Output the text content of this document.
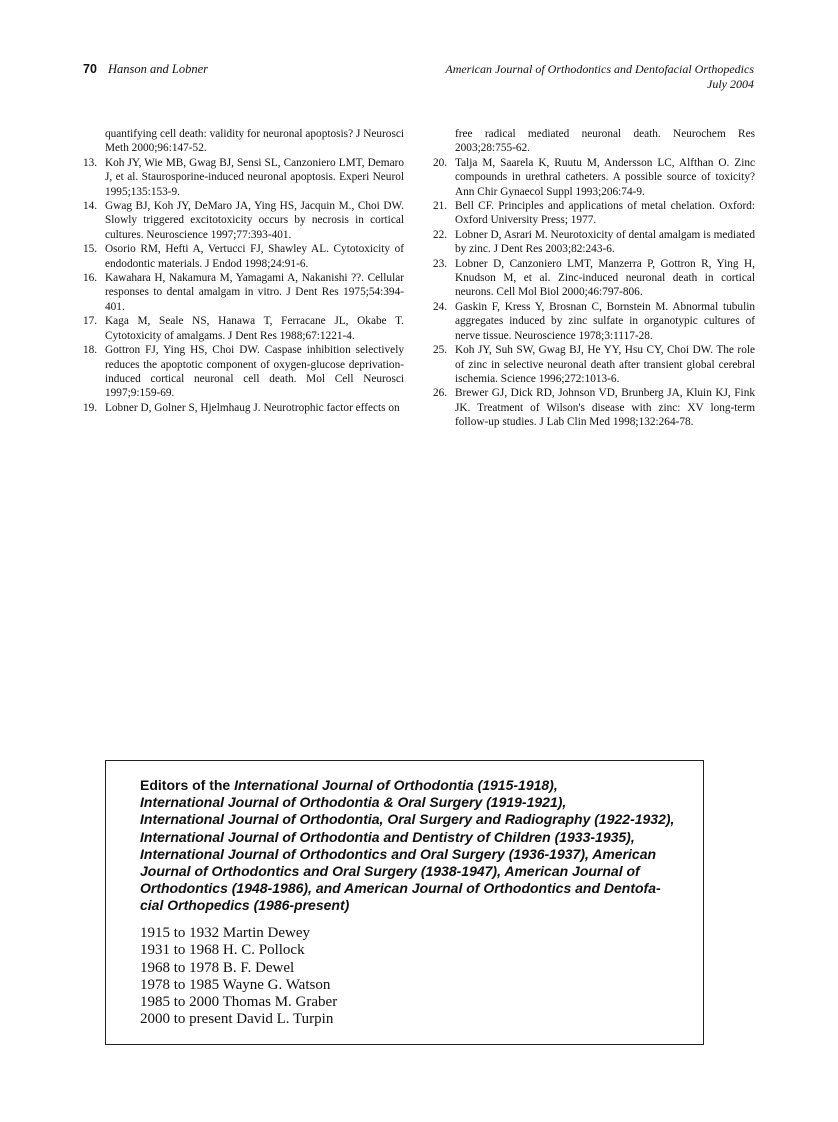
70 Hanson and Lobner	American Journal of Orthodontics and Dentofacial Orthopedics
July 2004
quantifying cell death: validity for neuronal apoptosis? J Neurosci Meth 2000;96:147-52.
13. Koh JY, Wie MB, Gwag BJ, Sensi SL, Canzoniero LMT, Demaro J, et al. Staurosporine-induced neuronal apoptosis. Experi Neurol 1995;135:153-9.
14. Gwag BJ, Koh JY, DeMaro JA, Ying HS, Jacquin M., Choi DW. Slowly triggered excitotoxicity occurs by necrosis in cortical cultures. Neuroscience 1997;77:393-401.
15. Osorio RM, Hefti A, Vertucci FJ, Shawley AL. Cytotoxicity of endodontic materials. J Endod 1998;24:91-6.
16. Kawahara H, Nakamura M, Yamagami A, Nakanishi ??. Cellular responses to dental amalgam in vitro. J Dent Res 1975;54:394-401.
17. Kaga M, Seale NS, Hanawa T, Ferracane JL, Okabe T. Cytotoxicity of amalgams. J Dent Res 1988;67:1221-4.
18. Gottron FJ, Ying HS, Choi DW. Caspase inhibition selectively reduces the apoptotic component of oxygen-glucose deprivation-induced cortical neuronal cell death. Mol Cell Neurosci 1997;9:159-69.
19. Lobner D, Golner S, Hjelmhaug J. Neurotrophic factor effects on
free radical mediated neuronal death. Neurochem Res 2003;28:755-62.
20. Talja M, Saarela K, Ruutu M, Andersson LC, Alfthan O. Zinc compounds in urethral catheters. A possible source of toxicity? Ann Chir Gynaecol Suppl 1993;206:74-9.
21. Bell CF. Principles and applications of metal chelation. Oxford: Oxford University Press; 1977.
22. Lobner D, Asrari M. Neurotoxicity of dental amalgam is mediated by zinc. J Dent Res 2003;82:243-6.
23. Lobner D, Canzoniero LMT, Manzerra P, Gottron R, Ying H, Knudson M, et al. Zinc-induced neuronal death in cortical neurons. Cell Mol Biol 2000;46:797-806.
24. Gaskin F, Kress Y, Brosnan C, Bornstein M. Abnormal tubulin aggregates induced by zinc sulfate in organotypic cultures of nerve tissue. Neuroscience 1978;3:1117-28.
25. Koh JY, Suh SW, Gwag BJ, He YY, Hsu CY, Choi DW. The role of zinc in selective neuronal death after transient global cerebral ischemia. Science 1996;272:1013-6.
26. Brewer GJ, Dick RD, Johnson VD, Brunberg JA, Kluin KJ, Fink JK. Treatment of Wilson's disease with zinc: XV long-term follow-up studies. J Lab Clin Med 1998;132:264-78.
Editors of the International Journal of Orthodontia (1915-1918),
International Journal of Orthodontia & Oral Surgery (1919-1921),
International Journal of Orthodontia, Oral Surgery and Radiography (1922-1932),
International Journal of Orthodontia and Dentistry of Children (1933-1935),
International Journal of Orthodontics and Oral Surgery (1936-1937), American
Journal of Orthodontics and Oral Surgery (1938-1947), American Journal of
Orthodontics (1948-1986), and American Journal of Orthodontics and Dentofa-
cial Orthopedics (1986-present)
1915 to 1932 Martin Dewey
1931 to 1968 H. C. Pollock
1968 to 1978 B. F. Dewel
1978 to 1985 Wayne G. Watson
1985 to 2000 Thomas M. Graber
2000 to present David L. Turpin
